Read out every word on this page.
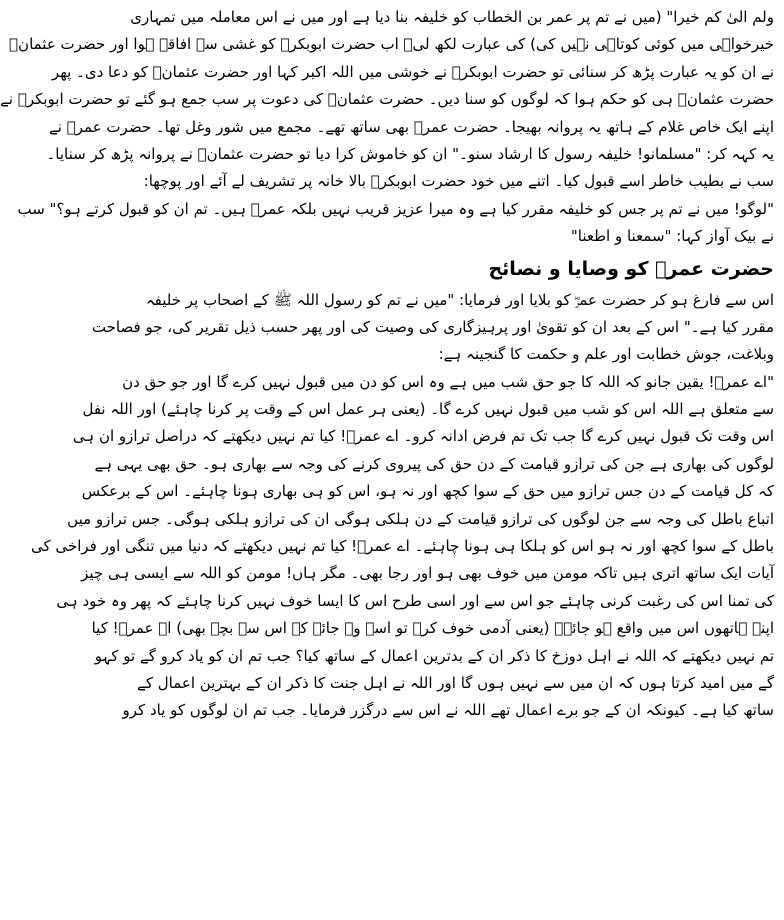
ولم الیٰ کم خیرا" (میں نے تم پر عمر بن الخطاب کو خلیفہ بنا دیا ہے اور میں نے اس معاملہ میں تمہاری
خیرخواہی میں کوئی کوتاہی نہیں کی) کی عبارت لکھ لی۔ اب حضرت ابوبکرؓ کو غشی سے افاقہ ہوا اور حضرت عثمانؓ
نے ان کو یہ عبارت پڑھ کر سنائی تو حضرت ابوبکرؓ نے خوشی میں اللہ اکبر کہا اور حضرت عثمانؓ کو دعا دی۔ پھر
حضرت عثمانؓ ہی کو حکم ہوا کہ لوگوں کو سنا دیں۔ حضرت عثمانؓ کی دعوت پر سب جمع ہو گئے تو حضرت ابوبکرؓ نے
اپنے ایک خاص غلام کے ہاتھ یہ پروانہ بھیجا۔ حضرت عمرؓ بھی ساتھ تھے۔ مجمع میں شور وغل تھا۔ حضرت عمرؓ نے
یہ کہہ کر: "مسلمانو! خلیفہ رسول کا ارشاد سنو۔" ان کو خاموش کرا دیا تو حضرت عثمانؓ نے پروانہ پڑھ کر سنایا۔
سب نے بطیب خاطر اسے قبول کیا۔ اتنے میں خود حضرت ابوبکرؓ بالا خانہ پر تشریف لے آئے اور پوچھا:
"لوگو! میں نے تم پر جس کو خلیفہ مقرر کیا ہے وہ میرا عزیز قریب نہیں بلکہ عمرؓ ہیں۔ تم ان کو قبول کرتے ہو؟" سب
نے بیک آواز کہا: "سمعنا و اطعنا"
حضرت عمرؓ کو وصایا و نصائح
اس سے فارغ ہو کر حضرت عمرؓ کو بلایا اور فرمایا: "میں نے تم کو رسول اللہ ﷺ کے اصحاب پر خلیفہ
مقرر کیا ہے۔" اس کے بعد ان کو تقویٰ اور پرہیزگاری کی وصیت کی اور پھر حسب ذیل تقریر کی، جو فصاحت
وبلاغت، جوش خطابت اور علم و حکمت کا گنجینہ ہے:
"اے عمرؓ! یقین جانو کہ اللہ کا جو حق شب میں ہے وہ اس کو دن میں قبول نہیں کرے گا اور جو حق دن
سے متعلق ہے اللہ اس کو شب میں قبول نہیں کرے گا۔ (یعنی ہر عمل اس کے وقت پر کرنا چاہئے) اور اللہ نفل
اس وقت تک قبول نہیں کرے گا جب تک تم فرض ادانہ کرو۔ اے عمرؓ! کیا تم نہیں دیکھتے کہ دراصل ترازو ان ہی
لوگوں کی بھاری ہے جن کی ترازو قیامت کے دن حق کی پیروی کرنے کی وجہ سے بھاری ہو۔ حق بھی یہی ہے
کہ کل قیامت کے دن جس ترازو میں حق کے سوا کچھ اور نہ ہو، اس کو ہی بھاری ہونا چاہئے۔ اس کے برعکس
اتباع باطل کی وجہ سے جن لوگوں کی ترازو قیامت کے دن ہلکی ہوگی ان کی ترازو ہلکی ہوگی۔ جس ترازو میں
باطل کے سوا کچھ اور نہ ہو اس کو ہلکا ہی ہونا چاہئے۔ اے عمرؓ! کیا تم نہیں دیکھتے کہ دنیا میں تنگی اور فراخی کی
آیات ایک ساتھ اتری ہیں تاکہ مومن میں خوف بھی ہو اور رجا بھی۔ مگر ہاں! مومن کو اللہ سے ایسی ہی چیز
کی تمنا اس کی رغبت کرنی چاہئے جو اس سے اور اسی طرح اس کا ایسا خوف نہیں کرنا چاہئے کہ پھر وہ خود ہی
اپنے ہاتھوں اس میں واقع ہو جائے۔ (یعنی آدمی خوف کرے تو اسے وہ جائے کہ اس سے بچے بھی) اے عمرؓ! کیا
تم نہیں دیکھتے کہ اللہ نے اہل دوزخ کا ذکر ان کے بدترین اعمال کے ساتھ کیا؟ جب تم ان کو یاد کرو گے تو کہو
گے میں امید کرتا ہوں کہ ان میں سے نہیں ہوں گا اور اللہ نے اہل جنت کا ذکر ان کے بہترین اعمال کے
ساتھ کیا ہے۔ کیونکہ ان کے جو برے اعمال تھے اللہ نے اس سے درگزر فرمایا۔ جب تم ان لوگوں کو یاد کرو
